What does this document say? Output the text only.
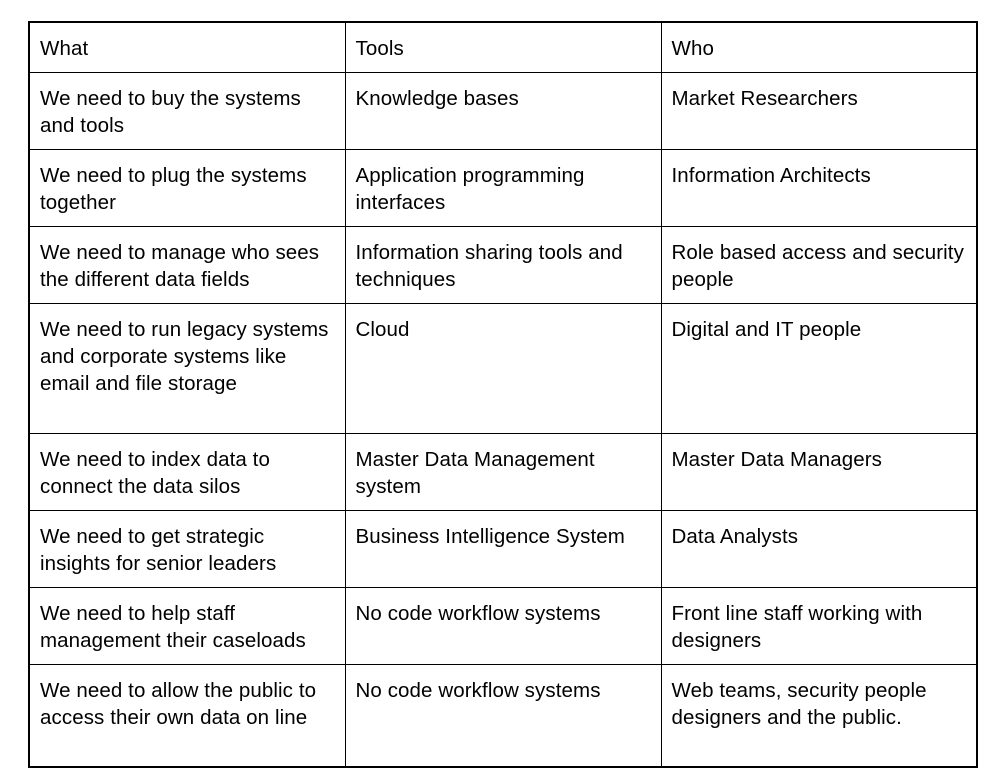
What	Tools	Who
We need to buy the systems and tools	Knowledge bases	Market Researchers
We need to plug the systems together	Application programming interfaces	Information Architects
We need to manage who sees the different data fields	Information sharing tools and techniques	Role based access and security people
We need to run legacy systems and corporate systems like email and file storage	Cloud	Digital and IT people
We need to index data to connect the data silos	Master Data Management system	Master Data Managers
We need to get strategic insights for senior leaders	Business Intelligence System	Data Analysts
We need to help staff management their caseloads	No code workflow systems	Front line staff working with designers
We need to allow the public to access their own data on line	No code workflow systems	Web teams, security people designers and the public.
